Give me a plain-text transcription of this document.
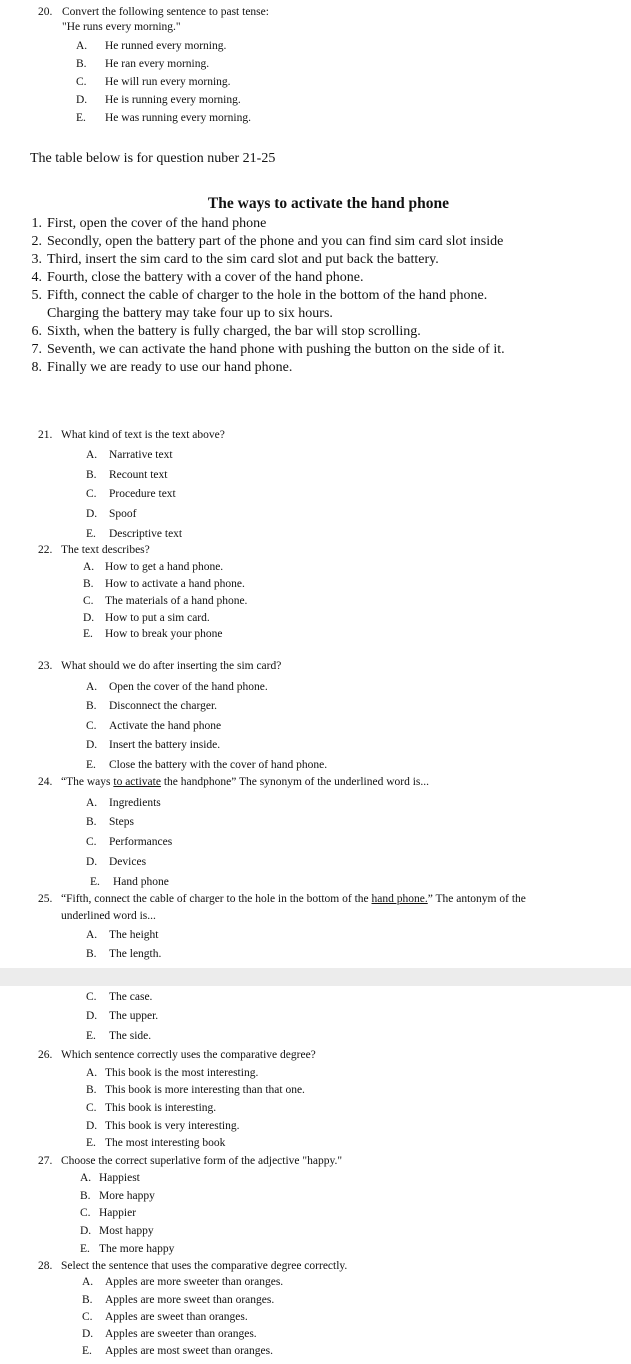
20. Convert the following sentence to past tense:
"He runs every morning."
A. He runned every morning.
B. He ran every morning.
C. He will run every morning.
D. He is running every morning.
E. He was running every morning.
The table below is for question nuber 21-25
The ways to activate the hand phone
1. First, open the cover of the hand phone
2. Secondly, open the battery part of the phone and you can find sim card slot inside
3. Third, insert the sim card to the sim card slot and put back the battery.
4. Fourth, close the battery with a cover of the hand phone.
5. Fifth, connect the cable of charger to the hole in the bottom of the hand phone.
Charging the battery may take four up to six hours.
6. Sixth, when the battery is fully charged, the bar will stop scrolling.
7. Seventh, we can activate the hand phone with pushing the button on the side of it.
8. Finally we are ready to use our hand phone.
21. What kind of text is the text above?
A. Narrative text
B. Recount text
C. Procedure text
D. Spoof
E. Descriptive text
22. The text describes?
A. How to get a hand phone.
B. How to activate a hand phone.
C. The materials of a hand phone.
D. How to put a sim card.
E. How to break your phone
23. What should we do after inserting the sim card?
A. Open the cover of the hand phone.
B. Disconnect the charger.
C. Activate the hand phone
D. Insert the battery inside.
E. Close the battery with the cover of hand phone.
24. “The ways to activate the handphone” The synonym of the underlined word is...
A. Ingredients
B. Steps
C. Performances
D. Devices
E. Hand phone
25. “Fifth, connect the cable of charger to the hole in the bottom of the hand phone.” The antonym of the
underlined word is...
A. The height
B. The length.
C. The case.
D. The upper.
E. The side.
26. Which sentence correctly uses the comparative degree?
A. This book is the most interesting.
B. This book is more interesting than that one.
C. This book is interesting.
D. This book is very interesting.
E. The most interesting book
27. Choose the correct superlative form of the adjective "happy."
A. Happiest
B. More happy
C. Happier
D. Most happy
E. The more happy
28. Select the sentence that uses the comparative degree correctly.
A. Apples are more sweeter than oranges.
B. Apples are more sweet than oranges.
C. Apples are sweet than oranges.
D. Apples are sweeter than oranges.
E. Apples are most sweet than oranges.
